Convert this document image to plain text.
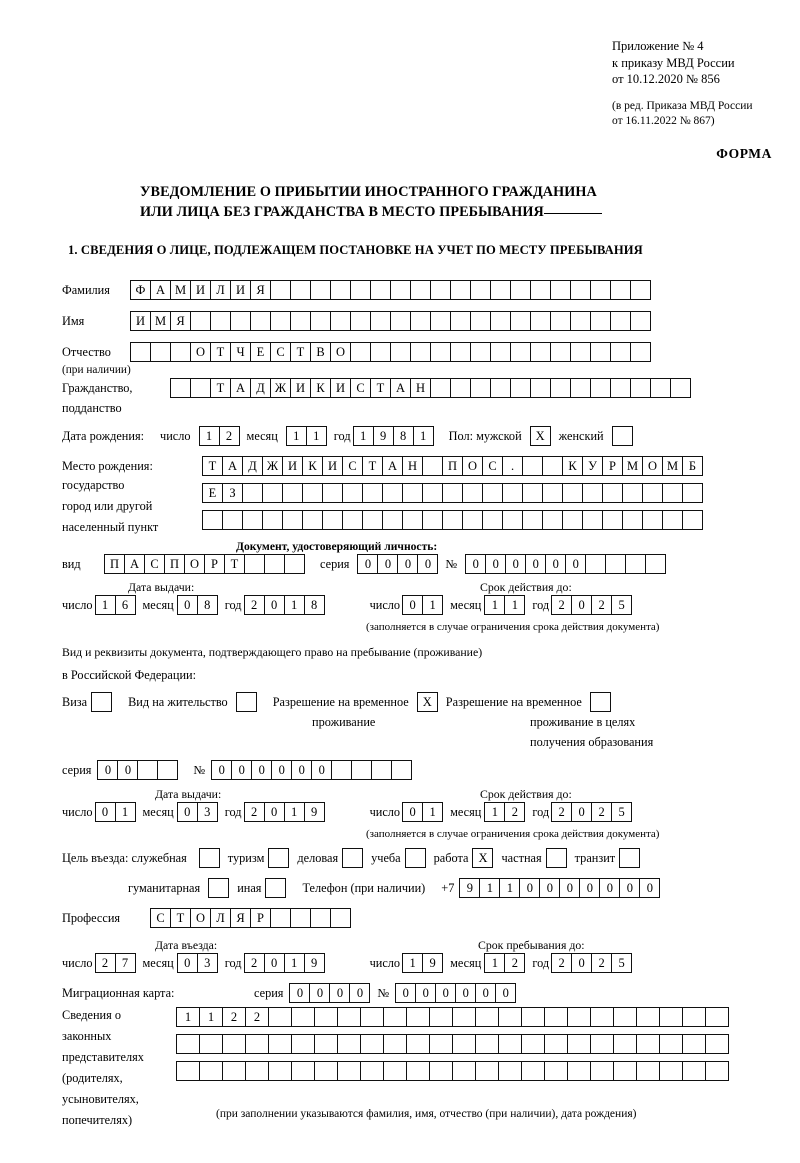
Приложение № 4
к приказу МВД России
от 10.12.2020 № 856
(в ред. Приказа МВД России
от 16.11.2022 № 867)
ФОРМА
УВЕДОМЛЕНИЕ О ПРИБЫТИИ ИНОСТРАННОГО ГРАЖДАНИНА
ИЛИ ЛИЦА БЕЗ ГРАЖДАНСТВА В МЕСТО ПРЕБЫВАНИЯ
1. СВЕДЕНИЯ О ЛИЦЕ, ПОДЛЕЖАЩЕМ ПОСТАНОВКЕ НА УЧЕТ ПО МЕСТУ ПРЕБЫВАНИЯ
Фамилия	Ф А М И Л И Я
Имя	И М Я
Отчество	О Т Ч Е С Т В О
(при наличии)
Гражданство,	Т А Д Ж И К И С Т А Н
подданство
Дата рождения: число	1	2	месяц	1	1	год 1	9	8	1	Пол: мужской	X	женский
Место рождения:	Т А Д Ж И К И С Т А Н	П О С	.	К У Р М О М Б
государство
Е	З
город или другой
населенный пункт
Документ, удостоверяющий личность:
вид	П А С П О Р	Т	серия	0	0	0	0	№	0	0	0	0	0	0
Дата выдачи:	Срок действия до:
число 1	6	месяц 0	8	год 2	0	1	8	число 0	1	месяц 1	1	год 2	0	2	5
(заполняется в случае ограничения срока действия документа)
Вид и реквизиты документа, подтверждающего право на пребывание (проживание)
в Российской Федерации:
Виза	Вид на жительство	Разрешение на временное	X	Разрешение на временное
проживание	проживание в целях
получения образования
серия	0	0	№	0	0	0	0	0	0
Дата выдачи:	Срок действия до:
число 0	1	месяц 0	3	год 2	0	1	9	число 0	1	месяц 1	2	год 2	0	2	5
(заполняется в случае ограничения срока действия документа)
Цель въезда: служебная	туризм	деловая	учеба	работа X	частная	транзит
гуманитарная	иная	Телефон (при наличии) +7 9	1	1	0	0	0	0	0	0	0
Профессия	С Т О Л Я Р
Дата въезда:	Срок пребывания до:
число 2	7	месяц 0	3	год 2	0	1	9	число 1	9	месяц 1	2	год 2	0	2	5
Миграционная карта:	серия	0	0	0	0	№	0	0	0	0	0	0
Сведения о
законных
представителях
(родителях,
усыновителях,
попечителях)
1	1	2	2
(при заполнении указываются фамилия, имя, отчество (при наличии), дата рождения)
